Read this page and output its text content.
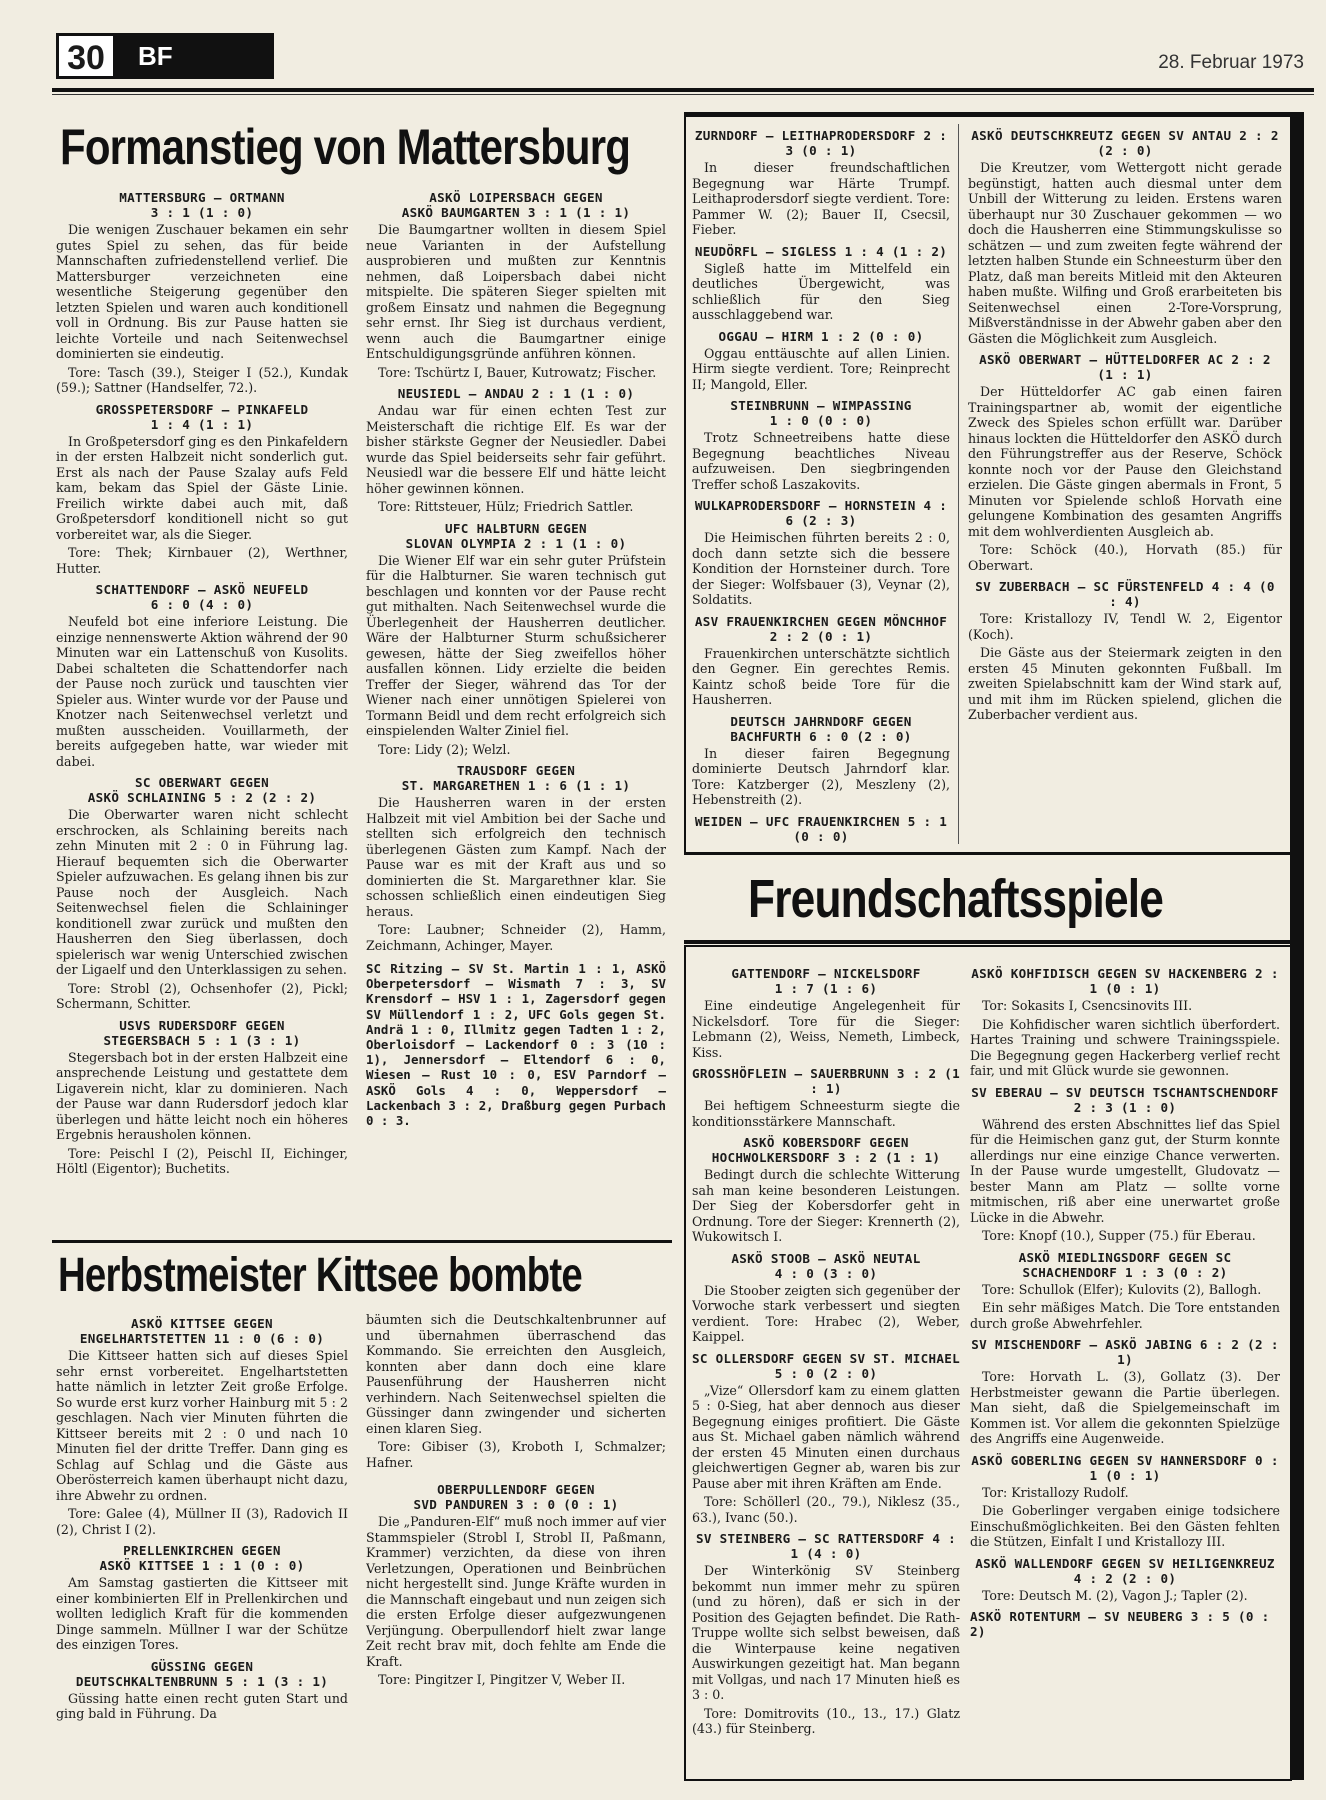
30	BF	28. Februar 1973
Formanstieg von Mattersburg
MATTERSBURG — ORTMANN
3 : 1 (1 : 0)

Die wenigen Zuschauer bekamen ein sehr gutes Spiel zu sehen, das für beide Mannschaften zufriedenstellend verlief. Die Mattersburger verzeichneten eine wesentliche Steigerung gegenüber den letzten Spielen und waren auch konditionell voll in Ordnung. Bis zur Pause hatten sie leichte Vorteile und nach Seitenwechsel dominierten sie eindeutig.

Tore: Tasch (39.), Steiger I (52.), Kundak (59.); Sattner (Handselfer, 72.).

GROSSPETERSDORF — PINKAFELD
1 : 4 (1 : 1)

In Großpetersdorf ging es den Pinkafeldern in der ersten Halbzeit nicht sonderlich gut. Erst als nach der Pause Szalay aufs Feld kam, bekam das Spiel der Gäste Linie. Freilich wirkte dabei auch mit, daß Großpetersdorf konditionell nicht so gut vorbereitet war, als die Sieger.

Tore: Thek; Kirnbauer (2), Werthner, Hutter.

SCHATTENDORF — ASKÖ NEUFELD
6 : 0 (4 : 0)

Neufeld bot eine inferiore Leistung. Die einzige nennenswerte Aktion während der 90 Minuten war ein Lattenschuß von Kusolits. Dabei schalteten die Schattendorfer nach der Pause noch zurück und tauschten vier Spieler aus. Winter wurde vor der Pause und Knotzer nach Seitenwechsel verletzt und mußten ausscheiden. Vouillarmeth, der bereits aufgegeben hatte, war wieder mit dabei.

SC OBERWART GEGEN
ASKÖ SCHLAINING 5 : 2 (2 : 2)

Die Oberwarter waren nicht schlecht erschrocken, als Schlaining bereits nach zehn Minuten mit 2 : 0 in Führung lag. Hierauf bequemten sich die Oberwarter Spieler aufzuwachen. Es gelang ihnen bis zur Pause noch der Ausgleich. Nach Seitenwechsel fielen die Schlaininger konditionell zwar zurück und mußten den Hausherren den Sieg überlassen, doch spielerisch war wenig Unterschied zwischen der Ligaelf und den Unterklassigen zu sehen.

Tore: Strobl (2), Ochsenhofer (2), Pickl; Schermann, Schitter.

USVS RUDERSDORF GEGEN
STEGERSBACH 5 : 1 (3 : 1)

Stegersbach bot in der ersten Halbzeit eine ansprechende Leistung und gestattete dem Ligaverein nicht, klar zu dominieren. Nach der Pause war dann Rudersdorf jedoch klar überlegen und hätte leicht noch ein höheres Ergebnis herausholen können.

Tore: Peischl I (2), Peischl II, Eichinger, Höltl (Eigentor); Buchetits.

ASKÖ LOIPERSBACH GEGEN
ASKÖ BAUMGARTEN 3 : 1 (1 : 1)

Die Baumgartner wollten in diesem Spiel neue Varianten in der Aufstellung ausprobieren und mußten zur Kenntnis nehmen, daß Loipersbach dabei nicht mitspielte. Die späteren Sieger spielten mit großem Einsatz und nahmen die Begegnung sehr ernst. Ihr Sieg ist durchaus verdient, wenn auch die Baumgartner einige Entschuldigungsgründe anführen können.

Tore: Tschürtz I, Bauer, Kutrowatz; Fischer.

NEUSIEDL — ANDAU 2 : 1 (1 : 0)

Andau war für einen echten Test zur Meisterschaft die richtige Elf. Es war der bisher stärkste Gegner der Neusiedler. Dabei wurde das Spiel beiderseits sehr fair geführt. Neusiedl war die bessere Elf und hätte leicht höher gewinnen können.

Tore: Rittsteuer, Hülz; Friedrich Sattler.

UFC HALBTURN GEGEN
SLOVAN OLYMPIA 2 : 1 (1 : 0)

Die Wiener Elf war ein sehr guter Prüfstein für die Halbturner. Sie waren technisch gut beschlagen und konnten vor der Pause recht gut mithalten. Nach Seitenwechsel wurde die Überlegenheit der Hausherren deutlicher. Wäre der Halbturner Sturm schußsicherer gewesen, hätte der Sieg zweifellos höher ausfallen können. Lidy erzielte die beiden Treffer der Sieger, während das Tor der Wiener nach einer unnötigen Spielerei von Tormann Beidl und dem recht erfolgreich sich einspielenden Walter Ziniel fiel.

Tore: Lidy (2); Welzl.

TRAUSDORF GEGEN
ST. MARGARETHEN 1 : 6 (1 : 1)

Die Hausherren waren in der ersten Halbzeit mit viel Ambition bei der Sache und stellten sich erfolgreich den technisch überlegenen Gästen zum Kampf. Nach der Pause war es mit der Kraft aus und so dominierten die St. Margarethner klar. Sie schossen schließlich einen eindeutigen Sieg heraus.

Tore: Laubner; Schneider (2), Hamm, Zeichmann, Achinger, Mayer.

SC Ritzing — SV St. Martin 1 : 1, ASKÖ Oberpetersdorf — Wismath 7 : 3, SV Krensdorf — HSV 1 : 1, Zagersdorf gegen SV Müllendorf 1 : 2, UFC Gols gegen St. Andrä 1 : 0, Illmitz gegen Tadten 1 : 2, Oberloisdorf — Lackendorf 0 : 3 (10 : 1), Jennersdorf — Eltendorf 6 : 0, Wiesen — Rust 10 : 0, ESV Parndorf — ASKÖ Gols 4 : 0, Weppersdorf — Lackenbach 3 : 2, Draßburg gegen Purbach 0 : 3.

Herbstmeister Kittsee bombte
ASKÖ KITTSEE GEGEN
ENGELHARTSTETTEN 11 : 0 (6 : 0)

Die Kittseer hatten sich auf dieses Spiel sehr ernst vorbereitet. Engelhartstetten hatte nämlich in letzter Zeit große Erfolge. So wurde erst kurz vorher Hainburg mit 5 : 2 geschlagen. Nach vier Minuten führten die Kittseer bereits mit 2 : 0 und nach 10 Minuten fiel der dritte Treffer. Dann ging es Schlag auf Schlag und die Gäste aus Oberösterreich kamen überhaupt nicht dazu, ihre Abwehr zu ordnen.

Tore: Galee (4), Müllner II (3), Radovich II (2), Christ I (2).

PRELLENKIRCHEN GEGEN
ASKÖ KITTSEE 1 : 1 (0 : 0)

Am Samstag gastierten die Kittseer mit einer kombinierten Elf in Prellenkirchen und wollten lediglich Kraft für die kommenden Dinge sammeln. Müllner I war der Schütze des einzigen Tores.

GÜSSING GEGEN
DEUTSCHKALTENBRUNN 5 : 1 (3 : 1)

Güssing hatte einen recht guten Start und ging bald in Führung. Da

bäumten sich die Deutschkaltenbrunner auf und übernahmen überraschend das Kommando. Sie erreichten den Ausgleich, konnten aber dann doch eine klare Pausenführung der Hausherren nicht verhindern. Nach Seitenwechsel spielten die Güssinger dann zwingender und sicherten einen klaren Sieg.

Tore: Gibiser (3), Kroboth I, Schmalzer; Hafner.

OBERPULLENDORF GEGEN
SVD PANDUREN 3 : 0 (0 : 1)

Die „Panduren-Elf“ muß noch immer auf vier Stammspieler (Strobl I, Strobl II, Paßmann, Krammer) verzichten, da diese von ihren Verletzungen, Operationen und Beinbrüchen nicht hergestellt sind. Junge Kräfte wurden in die Mannschaft eingebaut und nun zeigen sich die ersten Erfolge dieser aufgezwungenen Verjüngung. Oberpullendorf hielt zwar lange Zeit recht brav mit, doch fehlte am Ende die Kraft.

Tore: Pingitzer I, Pingitzer V, Weber II.

ZURNDORF — LEITHAPRODERSDORF 2 : 3 (0 : 1)

In dieser freundschaftlichen Begegnung war Härte Trumpf. Leithaprodersdorf siegte verdient. Tore: Pammer W. (2); Bauer II, Csecsil, Fieber.

NEUDÖRFL — SIGLESS 1 : 4 (1 : 2)

Sigleß hatte im Mittelfeld ein deutliches Übergewicht, was schließlich für den Sieg ausschlaggebend war.

OGGAU — HIRM 1 : 2 (0 : 0)

Oggau enttäuschte auf allen Linien. Hirm siegte verdient. Tore; Reinprecht II; Mangold, Eller.

STEINBRUNN — WIMPASSING
1 : 0 (0 : 0)

Trotz Schneetreibens hatte diese Begegnung beachtliches Niveau aufzuweisen. Den siegbringenden Treffer schoß Laszakovits.

WULKAPRODERSDORF — HORNSTEIN 4 : 6 (2 : 3)

Die Heimischen führten bereits 2 : 0, doch dann setzte sich die bessere Kondition der Hornsteiner durch. Tore der Sieger: Wolfsbauer (3), Veynar (2), Soldatits.

ASV FRAUENKIRCHEN GEGEN MÖNCHHOF 2 : 2 (0 : 1)

Frauenkirchen unterschätzte sichtlich den Gegner. Ein gerechtes Remis. Kaintz schoß beide Tore für die Hausherren.

DEUTSCH JAHRNDORF GEGEN BACHFURTH 6 : 0 (2 : 0)

In dieser fairen Begegnung dominierte Deutsch Jahrndorf klar. Tore: Katzberger (2), Meszleny (2), Hebenstreith (2).

WEIDEN — UFC FRAUENKIRCHEN 5 : 1 (0 : 0)

ASKÖ DEUTSCHKREUTZ GEGEN SV ANTAU 2 : 2 (2 : 0)

Die Kreutzer, vom Wettergott nicht gerade begünstigt, hatten auch diesmal unter dem Unbill der Witterung zu leiden. Erstens waren überhaupt nur 30 Zuschauer gekommen — wo doch die Hausherren eine Stimmungskulisse so schätzen — und zum zweiten fegte während der letzten halben Stunde ein Schneesturm über den Platz, daß man bereits Mitleid mit den Akteuren haben mußte. Wilfing und Groß erarbeiteten bis Seitenwechsel einen 2-Tore-Vorsprung, Mißverständnisse in der Abwehr gaben aber den Gästen die Möglichkeit zum Ausgleich.

ASKÖ OBERWART — HÜTTELDORFER AC 2 : 2 (1 : 1)

Der Hütteldorfer AC gab einen fairen Trainingspartner ab, womit der eigentliche Zweck des Spieles schon erfüllt war. Darüber hinaus lockten die Hütteldorfer den ASKÖ durch den Führungstreffer aus der Reserve, Schöck konnte noch vor der Pause den Gleichstand erzielen. Die Gäste gingen abermals in Front, 5 Minuten vor Spielende schloß Horvath eine gelungene Kombination des gesamten Angriffs mit dem wohlverdienten Ausgleich ab.

Tore: Schöck (40.), Horvath (85.) für Oberwart.

SV ZUBERBACH — SC FÜRSTENFELD 4 : 4 (0 : 4)

Tore: Kristallozy IV, Tendl W. 2, Eigentor (Koch).

Die Gäste aus der Steiermark zeigten in den ersten 45 Minuten gekonnten Fußball. Im zweiten Spielabschnitt kam der Wind stark auf, und mit ihm im Rücken spielend, glichen die Zuberbacher verdient aus.

Freundschaftsspiele
GATTENDORF — NICKELSDORF
1 : 7 (1 : 6)

Eine eindeutige Angelegenheit für Nickelsdorf. Tore für die Sieger: Lebmann (2), Weiss, Nemeth, Limbeck, Kiss.

GROSSHÖFLEIN — SAUERBRUNN 3 : 2 (1 : 1)

Bei heftigem Schneesturm siegte die konditionsstärkere Mannschaft.

ASKÖ KOBERSDORF GEGEN HOCHWOLKERSDORF 3 : 2 (1 : 1)

Bedingt durch die schlechte Witterung sah man keine besonderen Leistungen. Der Sieg der Kobersdorfer geht in Ordnung. Tore der Sieger: Krennerth (2), Wukowitsch I.

ASKÖ STOOB — ASKÖ NEUTAL
4 : 0 (3 : 0)

Die Stoober zeigten sich gegenüber der Vorwoche stark verbessert und siegten verdient. Tore: Hrabec (2), Weber, Kaippel.

SC OLLERSDORF GEGEN SV ST. MICHAEL 5 : 0 (2 : 0)

„Vize“ Ollersdorf kam zu einem glatten 5 : 0-Sieg, hat aber dennoch aus dieser Begegnung einiges profitiert. Die Gäste aus St. Michael gaben nämlich während der ersten 45 Minuten einen durchaus gleichwertigen Gegner ab, waren bis zur Pause aber mit ihren Kräften am Ende.

Tore: Schöllerl (20., 79.), Niklesz (35., 63.), Ivanc (50.).

SV STEINBERG — SC RATTERSDORF 4 : 1 (4 : 0)

Der Winterkönig SV Steinberg bekommt nun immer mehr zu spüren (und zu hören), daß er sich in der Position des Gejagten befindet. Die Rath-Truppe wollte sich selbst beweisen, daß die Winterpause keine negativen Auswirkungen gezeitigt hat. Man begann mit Vollgas, und nach 17 Minuten hieß es 3 : 0.

Tore: Domitrovits (10., 13., 17.) Glatz (43.) für Steinberg.

ASKÖ KOHFIDISCH GEGEN SV HACKENBERG 2 : 1 (0 : 1)

Tor: Sokasits I, Csencsinovits III.

Die Kohfidischer waren sichtlich überfordert. Hartes Training und schwere Trainingsspiele. Die Begegnung gegen Hackerberg verlief recht fair, und mit Glück wurde sie gewonnen.

SV EBERAU — SV DEUTSCH TSCHANTSCHENDORF 2 : 3 (1 : 0)

Während des ersten Abschnittes lief das Spiel für die Heimischen ganz gut, der Sturm konnte allerdings nur eine einzige Chance verwerten. In der Pause wurde umgestellt, Gludovatz — bester Mann am Platz — sollte vorne mitmischen, riß aber eine unerwartet große Lücke in die Abwehr.

Tore: Knopf (10.), Supper (75.) für Eberau.

ASKÖ MIEDLINGSDORF GEGEN SC SCHACHENDORF 1 : 3 (0 : 2)

Tore: Schullok (Elfer); Kulovits (2), Ballogh.

Ein sehr mäßiges Match. Die Tore entstanden durch große Abwehrfehler.

SV MISCHENDORF — ASKÖ JABING 6 : 2 (2 : 1)

Tore: Horvath L. (3), Gollatz (3). Der Herbstmeister gewann die Partie überlegen. Man sieht, daß die Spielgemeinschaft im Kommen ist. Vor allem die gekonnten Spielzüge des Angriffs eine Augenweide.

ASKÖ GOBERLING GEGEN SV HANNERSDORF 0 : 1 (0 : 1)

Tor: Kristallozy Rudolf.

Die Goberlinger vergaben einige todsichere Einschußmöglichkeiten. Bei den Gästen fehlten die Stützen, Einfalt I und Kristallozy III.

ASKÖ WALLENDORF GEGEN SV HEILIGENKREUZ 4 : 2 (2 : 0)

Tore: Deutsch M. (2), Vagon J.; Tapler (2).

ASKÖ ROTENTURM — SV NEUBERG 3 : 5 (0 : 2)
